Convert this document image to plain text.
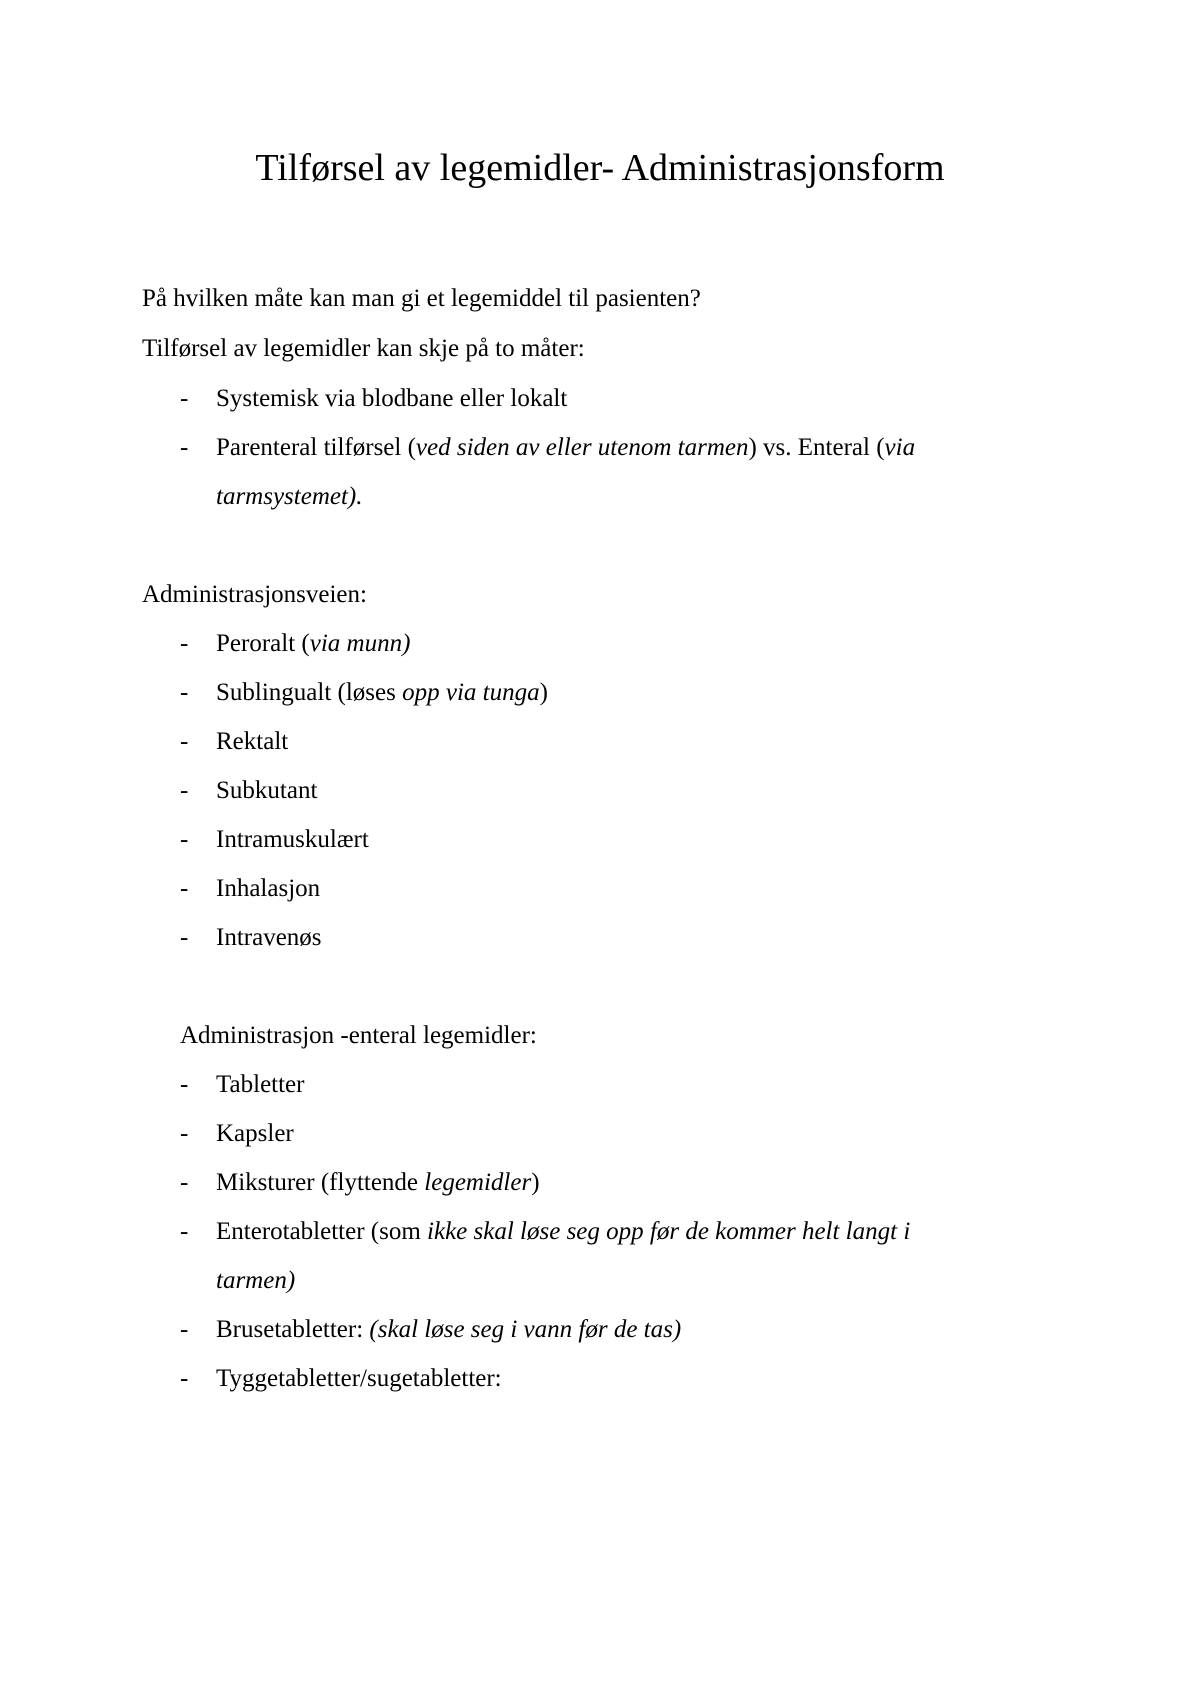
Tilførsel av legemidler- Administrasjonsform
På hvilken måte kan man gi et legemiddel til pasienten?
Tilførsel av legemidler kan skje på to måter:
- Systemisk via blodbane eller lokalt
- Parenteral tilførsel (ved siden av eller utenom tarmen) vs. Enteral (via
tarmsystemet).
Administrasjonsveien:
- Peroralt (via munn)
- Sublingualt (løses opp via tunga)
- Rektalt
- Subkutant
- Intramuskulært
- Inhalasjon
- Intravenøs
Administrasjon -enteral legemidler:
- Tabletter
- Kapsler
- Miksturer (flyttende legemidler)
- Enterotabletter (som ikke skal løse seg opp før de kommer helt langt i
tarmen)
- Brusetabletter: (skal løse seg i vann før de tas)
- Tyggetabletter/sugetabletter:
